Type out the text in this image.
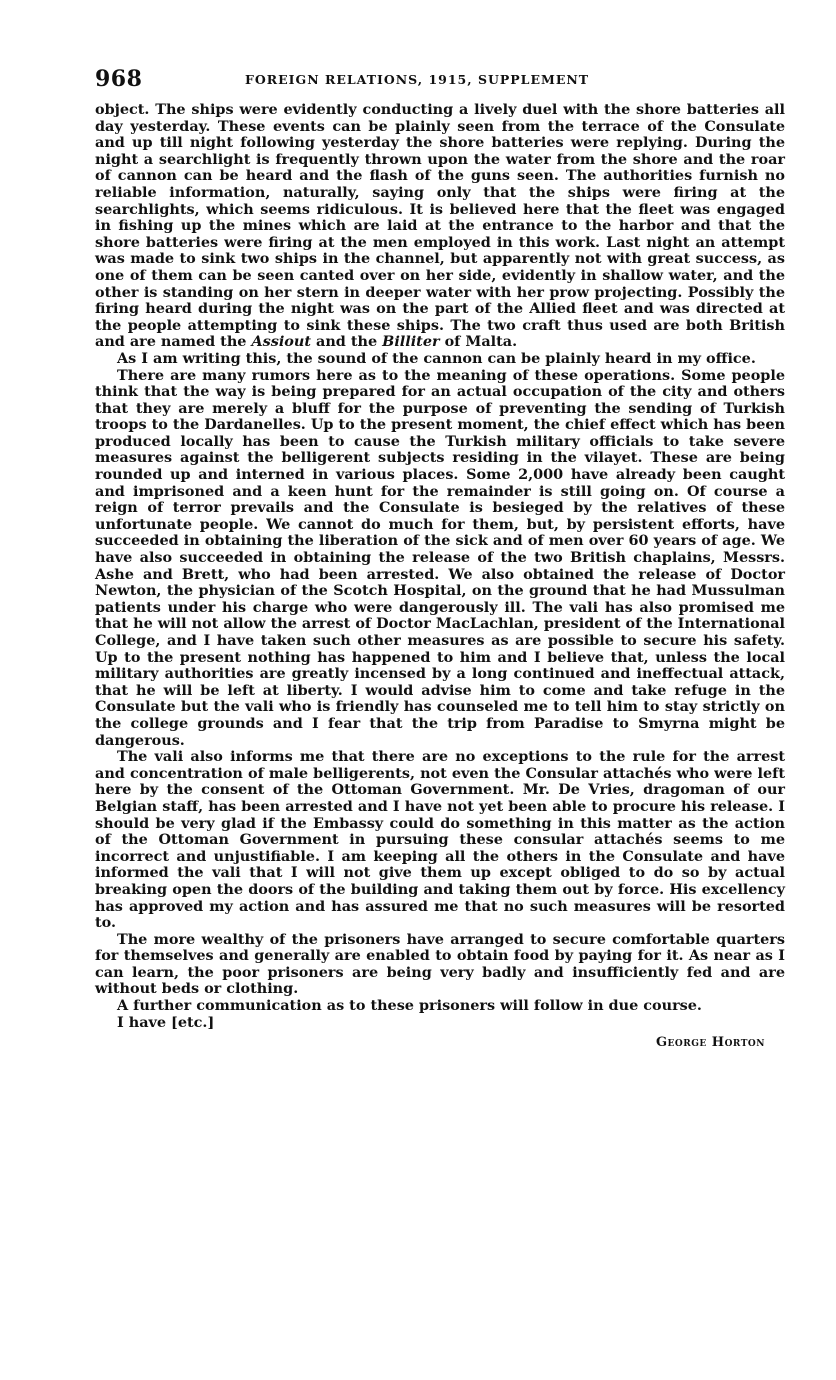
968	FOREIGN RELATIONS, 1915, SUPPLEMENT

object. The ships were evidently conducting a lively duel with the shore batteries all day yesterday. These events can be plainly seen from the terrace of the Consulate and up till night following yesterday the shore batteries were replying. During the night a searchlight is frequently thrown upon the water from the shore and the roar of cannon can be heard and the flash of the guns seen. The authorities furnish no reliable information, naturally, saying only that the ships were firing at the searchlights, which seems ridiculous. It is believed here that the fleet was engaged in fishing up the mines which are laid at the entrance to the harbor and that the shore batteries were firing at the men employed in this work. Last night an attempt was made to sink two ships in the channel, but apparently not with great success, as one of them can be seen canted over on her side, evidently in shallow water, and the other is standing on her stern in deeper water with her prow projecting. Possibly the firing heard during the night was on the part of the Allied fleet and was directed at the people attempting to sink these ships. The two craft thus used are both British and are named the Assiout and the Billiter of Malta.

As I am writing this, the sound of the cannon can be plainly heard in my office.

There are many rumors here as to the meaning of these operations. Some people think that the way is being prepared for an actual occupation of the city and others that they are merely a bluff for the purpose of preventing the sending of Turkish troops to the Dardanelles. Up to the present moment, the chief effect which has been produced locally has been to cause the Turkish military officials to take severe measures against the belligerent subjects residing in the vilayet. These are being rounded up and interned in various places. Some 2,000 have already been caught and imprisoned and a keen hunt for the remainder is still going on. Of course a reign of terror prevails and the Consulate is besieged by the relatives of these unfortunate people. We cannot do much for them, but, by persistent efforts, have succeeded in obtaining the liberation of the sick and of men over 60 years of age. We have also succeeded in obtaining the release of the two British chaplains, Messrs. Ashe and Brett, who had been arrested. We also obtained the release of Doctor Newton, the physician of the Scotch Hospital, on the ground that he had Mussulman patients under his charge who were dangerously ill. The vali has also promised me that he will not allow the arrest of Doctor MacLachlan, president of the International College, and I have taken such other measures as are possible to secure his safety. Up to the present nothing has happened to him and I believe that, unless the local military authorities are greatly incensed by a long continued and ineffectual attack, that he will be left at liberty. I would advise him to come and take refuge in the Consulate but the vali who is friendly has counseled me to tell him to stay strictly on the college grounds and I fear that the trip from Paradise to Smyrna might be dangerous.

The vali also informs me that there are no exceptions to the rule for the arrest and concentration of male belligerents, not even the Consular attachés who were left here by the consent of the Ottoman Government. Mr. De Vries, dragoman of our Belgian staff, has been arrested and I have not yet been able to procure his release. I should be very glad if the Embassy could do something in this matter as the action of the Ottoman Government in pursuing these consular attachés seems to me incorrect and unjustifiable. I am keeping all the others in the Consulate and have informed the vali that I will not give them up except obliged to do so by actual breaking open the doors of the building and taking them out by force. His excellency has approved my action and has assured me that no such measures will be resorted to.

The more wealthy of the prisoners have arranged to secure comfortable quarters for themselves and generally are enabled to obtain food by paying for it. As near as I can learn, the poor prisoners are being very badly and insufficiently fed and are without beds or clothing.

A further communication as to these prisoners will follow in due course.

I have [etc.]

George Horton
